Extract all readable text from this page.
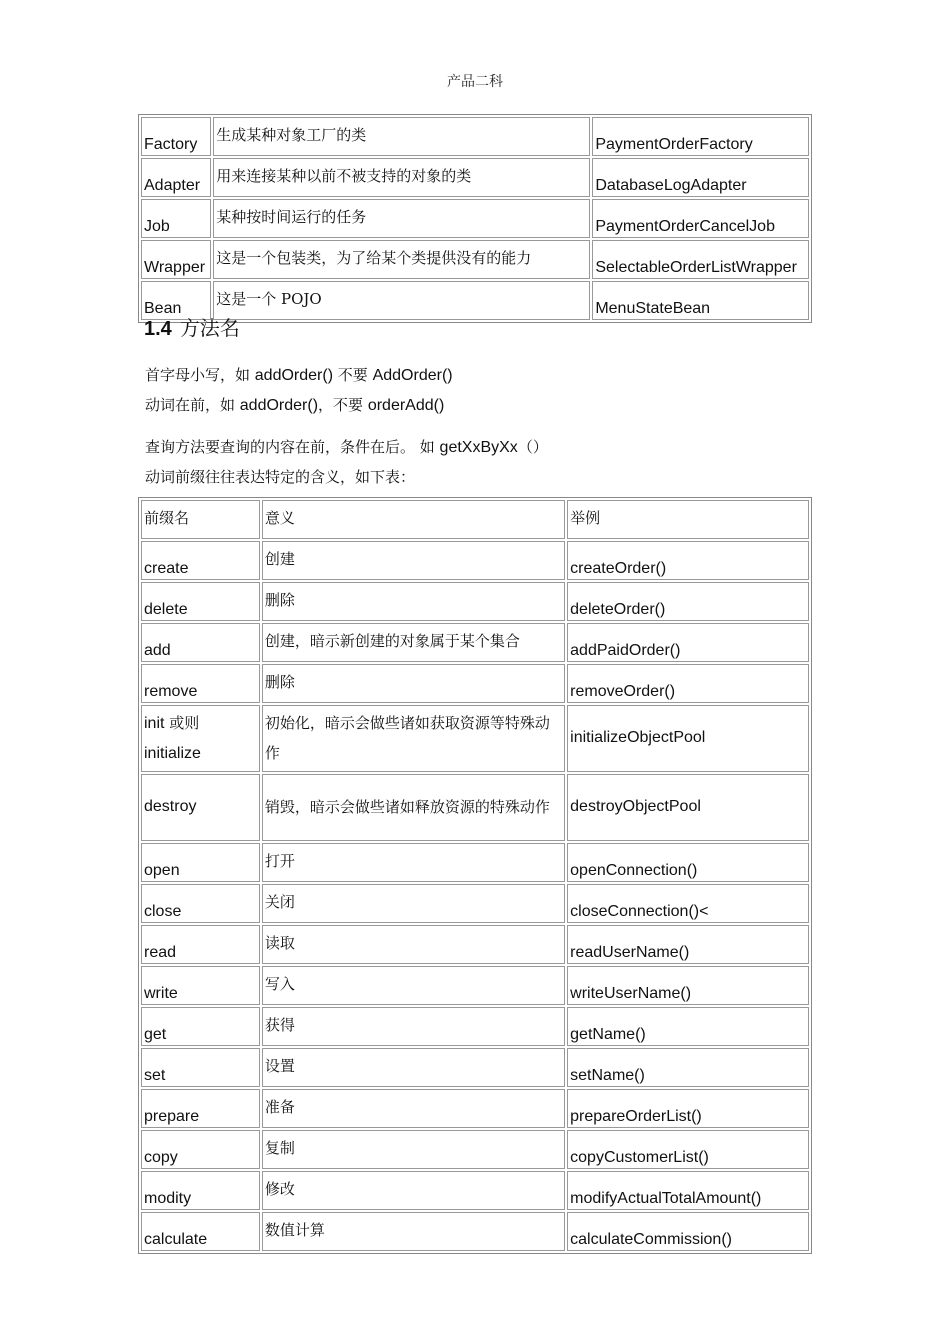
产品二科
Factory	生成某种对象工厂的类	PaymentOrderFactory
Adapter	用来连接某种以前不被支持的对象的类	DatabaseLogAdapter
Job	某种按时间运行的任务	PaymentOrderCancelJob
Wrapper	这是一个包装类，为了给某个类提供没有的能力	SelectableOrderListWrapper
Bean	这是一个 POJO	MenuStateBean
1.4 方法名
首字母小写，如 addOrder() 不要 AddOrder()
动词在前，如 addOrder()，不要 orderAdd()
查询方法要查询的内容在前，条件在后。 如 getXxByXx（）
动词前缀往往表达特定的含义，如下表：
前缀名	意义	举例
create	创建	createOrder()
delete	删除	deleteOrder()
add	创建，暗示新创建的对象属于某个集合	addPaidOrder()
remove	删除	removeOrder()
init 或则
initialize	初始化，暗示会做些诸如获取资源等特殊动作	initializeObjectPool
destroy	销毁，暗示会做些诸如释放资源的特殊动作	destroyObjectPool
open	打开	openConnection()
close	关闭	closeConnection()<
read	读取	readUserName()
write	写入	writeUserName()
get	获得	getName()
set	设置	setName()
prepare	准备	prepareOrderList()
copy	复制	copyCustomerList()
modity	修改	modifyActualTotalAmount()
calculate	数值计算	calculateCommission()
